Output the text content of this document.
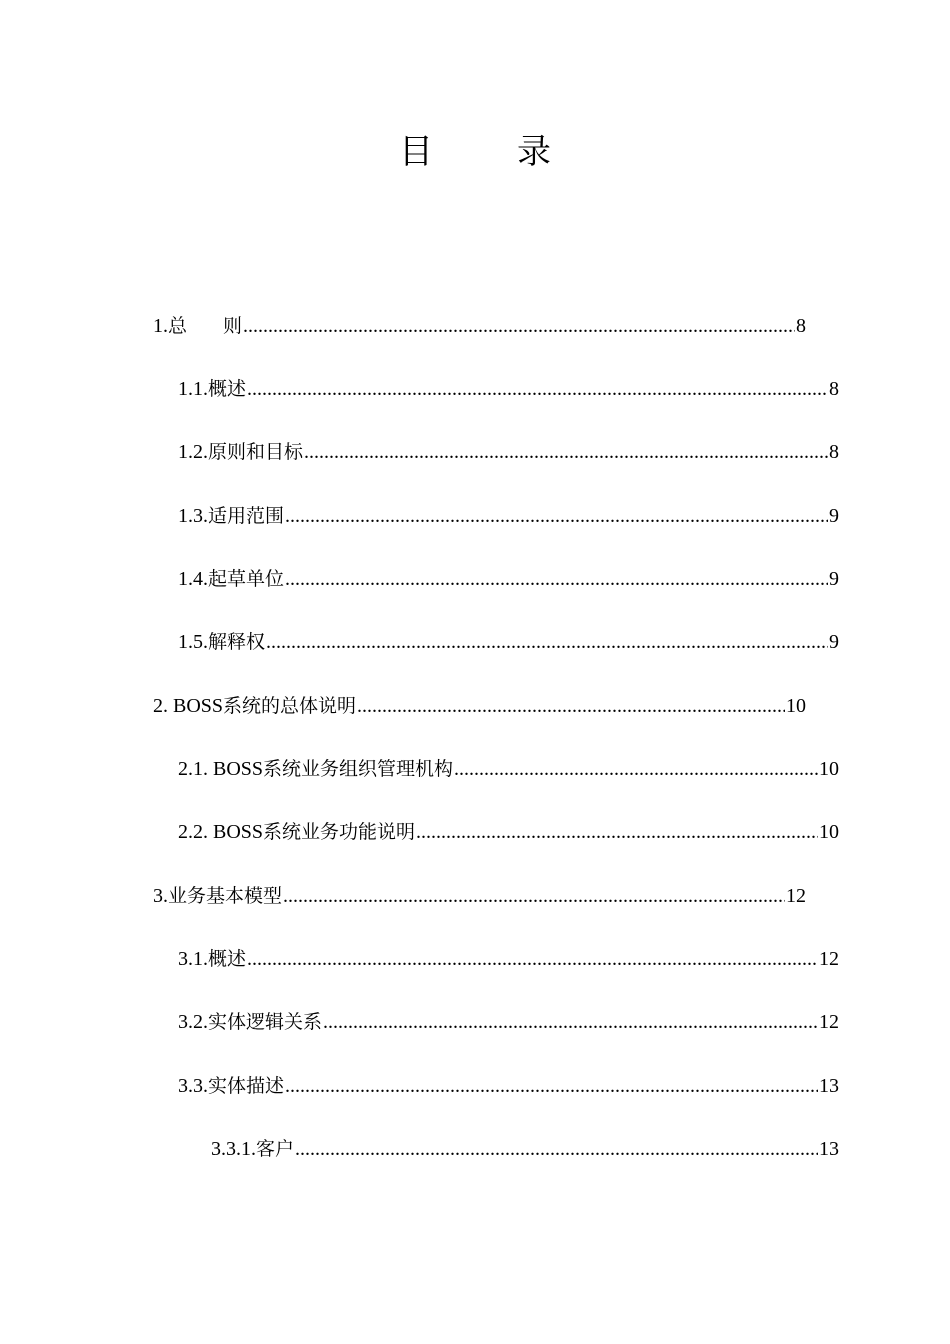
目 录
1. 总 则 .....	8
1.1. 概述 .....	8
1.2. 原则和目标 .....	8
1.3. 适用范围 .....	9
1.4. 起草单位 .....	9
1.5. 解释权 .....	9
2. BOSS 系统的总体说明 .....	10
2.1. BOSS 系统业务组织管理机构 .....	10
2.2. BOSS 系统业务功能说明 .....	10
3. 业务基本模型 .....	12
3.1. 概述 .....	12
3.2. 实体逻辑关系 .....	12
3.3. 实体描述 .....	13
3.3.1. 客户 .....	13
